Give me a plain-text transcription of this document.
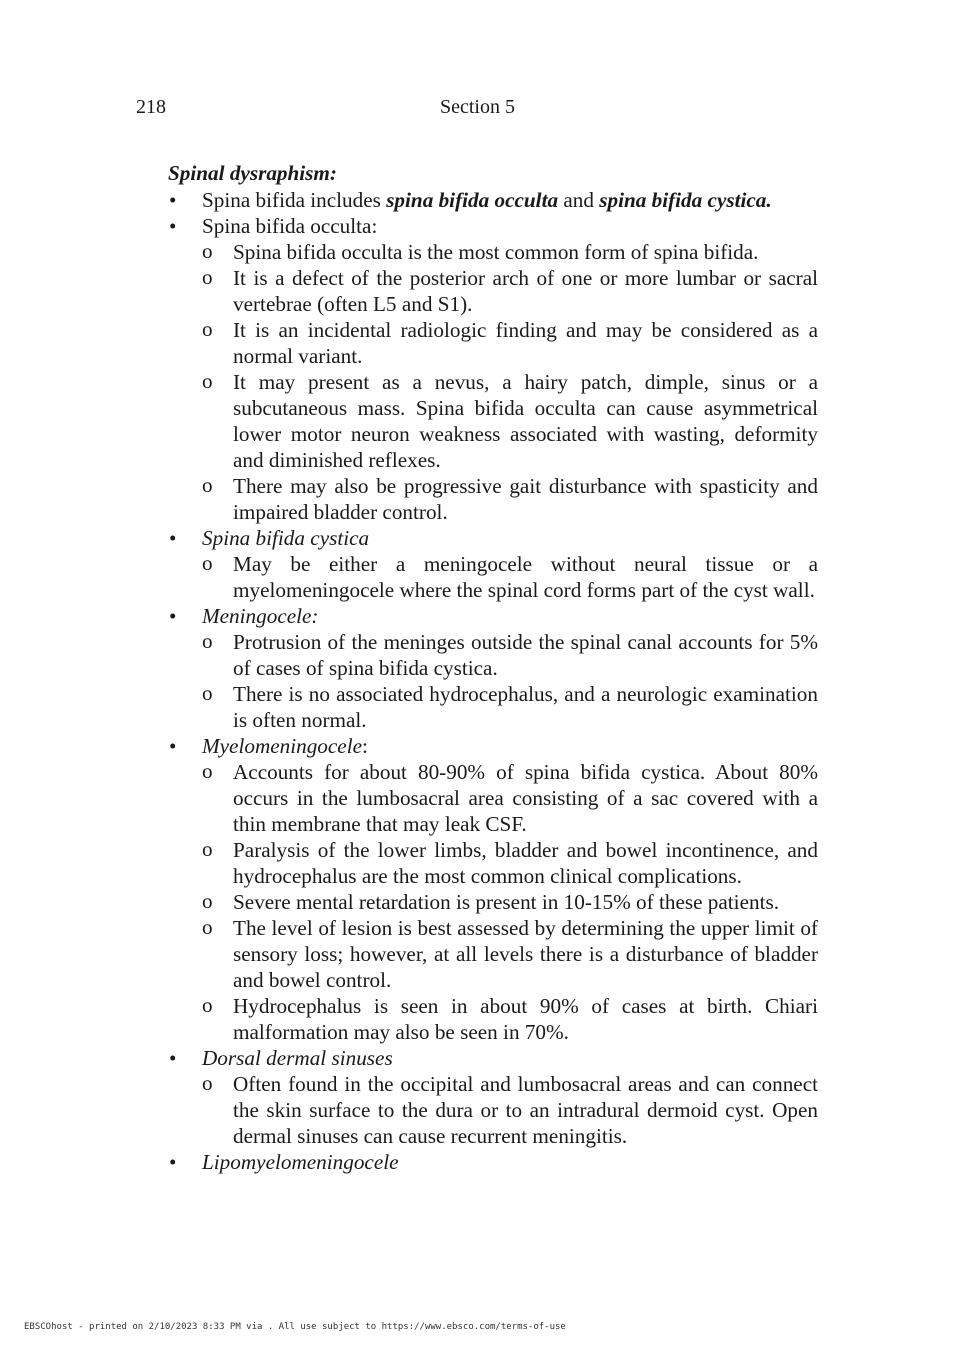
218	Section 5
Spinal dysraphism:
• Spina bifida includes spina bifida occulta and spina bifida cystica.
• Spina bifida occulta:
o Spina bifida occulta is the most common form of spina bifida.
o It is a defect of the posterior arch of one or more lumbar or sacral vertebrae (often L5 and S1).
o It is an incidental radiologic finding and may be considered as a normal variant.
o It may present as a nevus, a hairy patch, dimple, sinus or a subcutaneous mass. Spina bifida occulta can cause asymmetrical lower motor neuron weakness associated with wasting, deformity and diminished reflexes.
o There may also be progressive gait disturbance with spasticity and impaired bladder control.
• Spina bifida cystica
o May be either a meningocele without neural tissue or a myelomeningocele where the spinal cord forms part of the cyst wall.
• Meningocele:
o Protrusion of the meninges outside the spinal canal accounts for 5% of cases of spina bifida cystica.
o There is no associated hydrocephalus, and a neurologic examination is often normal.
• Myelomeningocele:
o Accounts for about 80-90% of spina bifida cystica. About 80% occurs in the lumbosacral area consisting of a sac covered with a thin membrane that may leak CSF.
o Paralysis of the lower limbs, bladder and bowel incontinence, and hydrocephalus are the most common clinical complications.
o Severe mental retardation is present in 10-15% of these patients.
o The level of lesion is best assessed by determining the upper limit of sensory loss; however, at all levels there is a disturbance of bladder and bowel control.
o Hydrocephalus is seen in about 90% of cases at birth. Chiari malformation may also be seen in 70%.
• Dorsal dermal sinuses
o Often found in the occipital and lumbosacral areas and can connect the skin surface to the dura or to an intradural dermoid cyst. Open dermal sinuses can cause recurrent meningitis.
• Lipomyelomeningocele
EBSCOhost - printed on 2/10/2023 8:33 PM via . All use subject to https://www.ebsco.com/terms-of-use
